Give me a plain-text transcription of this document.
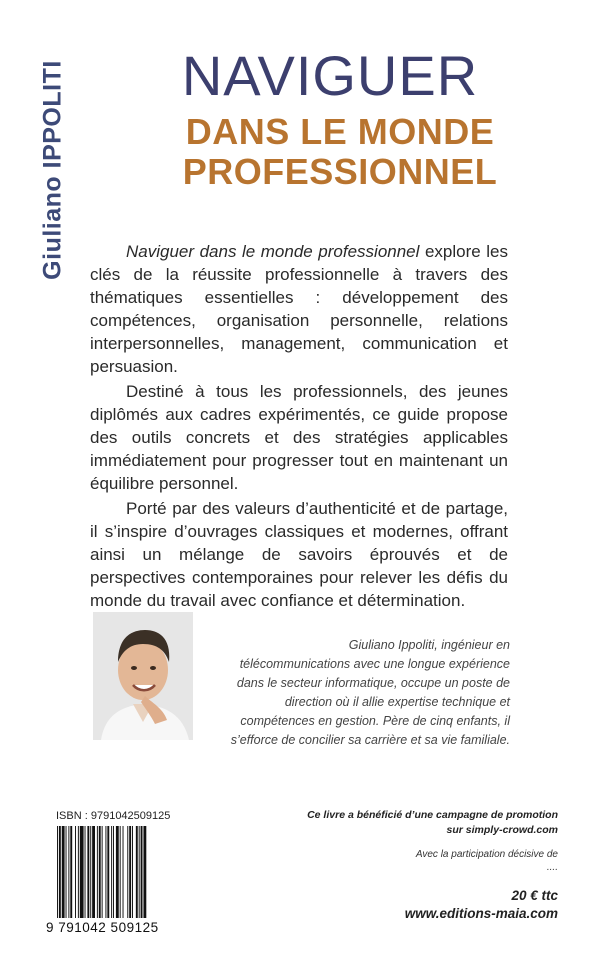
Giuliano IPPOLITI	NAVIGUER
DANS LE MONDE
PROFESSIONNEL

Naviguer dans le monde professionnel explore les clés de la réussite professionnelle à travers des thématiques essentielles : développement des compétences, organisation personnelle, relations interpersonnelles, management, communication et persuasion.

Destiné à tous les professionnels, des jeunes diplômés aux cadres expérimentés, ce guide propose des outils concrets et des stratégies applicables immédiatement pour progresser tout en maintenant un équilibre personnel.

Porté par des valeurs d’authenticité et de partage, il s’inspire d’ouvrages classiques et modernes, offrant ainsi un mélange de savoirs éprouvés et de perspectives contemporaines pour relever les défis du monde du travail avec confiance et détermination.

Giuliano Ippoliti, ingénieur en télécommunications avec une longue expérience dans le secteur informatique, occupe un poste de direction où il allie expertise technique et compétences en gestion. Père de cinq enfants, il s’efforce de concilier sa carrière et sa vie familiale.
ISBN : 9791042509125
9 791042 509125
Ce livre a bénéficié d’une campagne de promotion
sur simply-crowd.com
Avec la participation décisive de
....
20 € ttc
www.editions-maia.com
